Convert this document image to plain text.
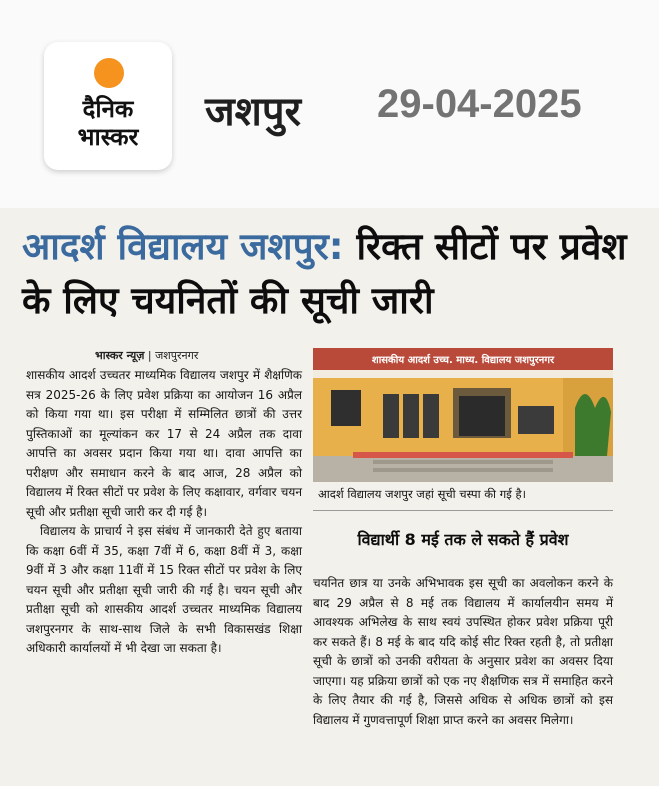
दैनिक
भास्कर
जशपुर 29-04-2025
आदर्श विद्यालय जशपुर: रिक्त सीटों पर प्रवेश के लिए चयनितों की सूची जारी
भास्कर न्यूज़ | जशपुरनगर

शासकीय आदर्श उच्चतर माध्यमिक विद्यालय जशपुर में शैक्षणिक सत्र 2025-26 के लिए प्रवेश प्रक्रिया का आयोजन 16 अप्रैल को किया गया था। इस परीक्षा में सम्मिलित छात्रों की उत्तर पुस्तिकाओं का मूल्यांकन कर 17 से 24 अप्रैल तक दावा आपत्ति का अवसर प्रदान किया गया था। दावा आपत्ति का परीक्षण और समाधान करने के बाद आज, 28 अप्रैल को विद्यालय में रिक्त सीटों पर प्रवेश के लिए कक्षावार, वर्गवार चयन सूची और प्रतीक्षा सूची जारी कर दी गई है।

विद्यालय के प्राचार्य ने इस संबंध में जानकारी देते हुए बताया कि कक्षा 6वीं में 35, कक्षा 7वीं में 6, कक्षा 8वीं में 3, कक्षा 9वीं में 3 और कक्षा 11वीं में 15 रिक्त सीटों पर प्रवेश के लिए चयन सूची और प्रतीक्षा सूची जारी की गई है। चयन सूची और प्रतीक्षा सूची को शासकीय आदर्श उच्चतर माध्यमिक विद्यालय जशपुरनगर के साथ-साथ जिले के सभी विकासखंड शिक्षा अधिकारी कार्यालयों में भी देखा जा सकता है।

शासकीय आदर्श उच्च. माध्य. विद्यालय जशपुरनगर
आदर्श विद्यालय जशपुर जहां सूची चस्पा की गई है।
विद्यार्थी 8 मई तक ले सकते हैं प्रवेश

चयनित छात्र या उनके अभिभावक इस सूची का अवलोकन करने के बाद 29 अप्रैल से 8 मई तक विद्यालय में कार्यालयीन समय में आवश्यक अभिलेख के साथ स्वयं उपस्थित होकर प्रवेश प्रक्रिया पूरी कर सकते हैं। 8 मई के बाद यदि कोई सीट रिक्त रहती है, तो प्रतीक्षा सूची के छात्रों को उनकी वरीयता के अनुसार प्रवेश का अवसर दिया जाएगा। यह प्रक्रिया छात्रों को एक नए शैक्षणिक सत्र में समाहित करने के लिए तैयार की गई है, जिससे अधिक से अधिक छात्रों को इस विद्यालय में गुणवत्तापूर्ण शिक्षा प्राप्त करने का अवसर मिलेगा।
